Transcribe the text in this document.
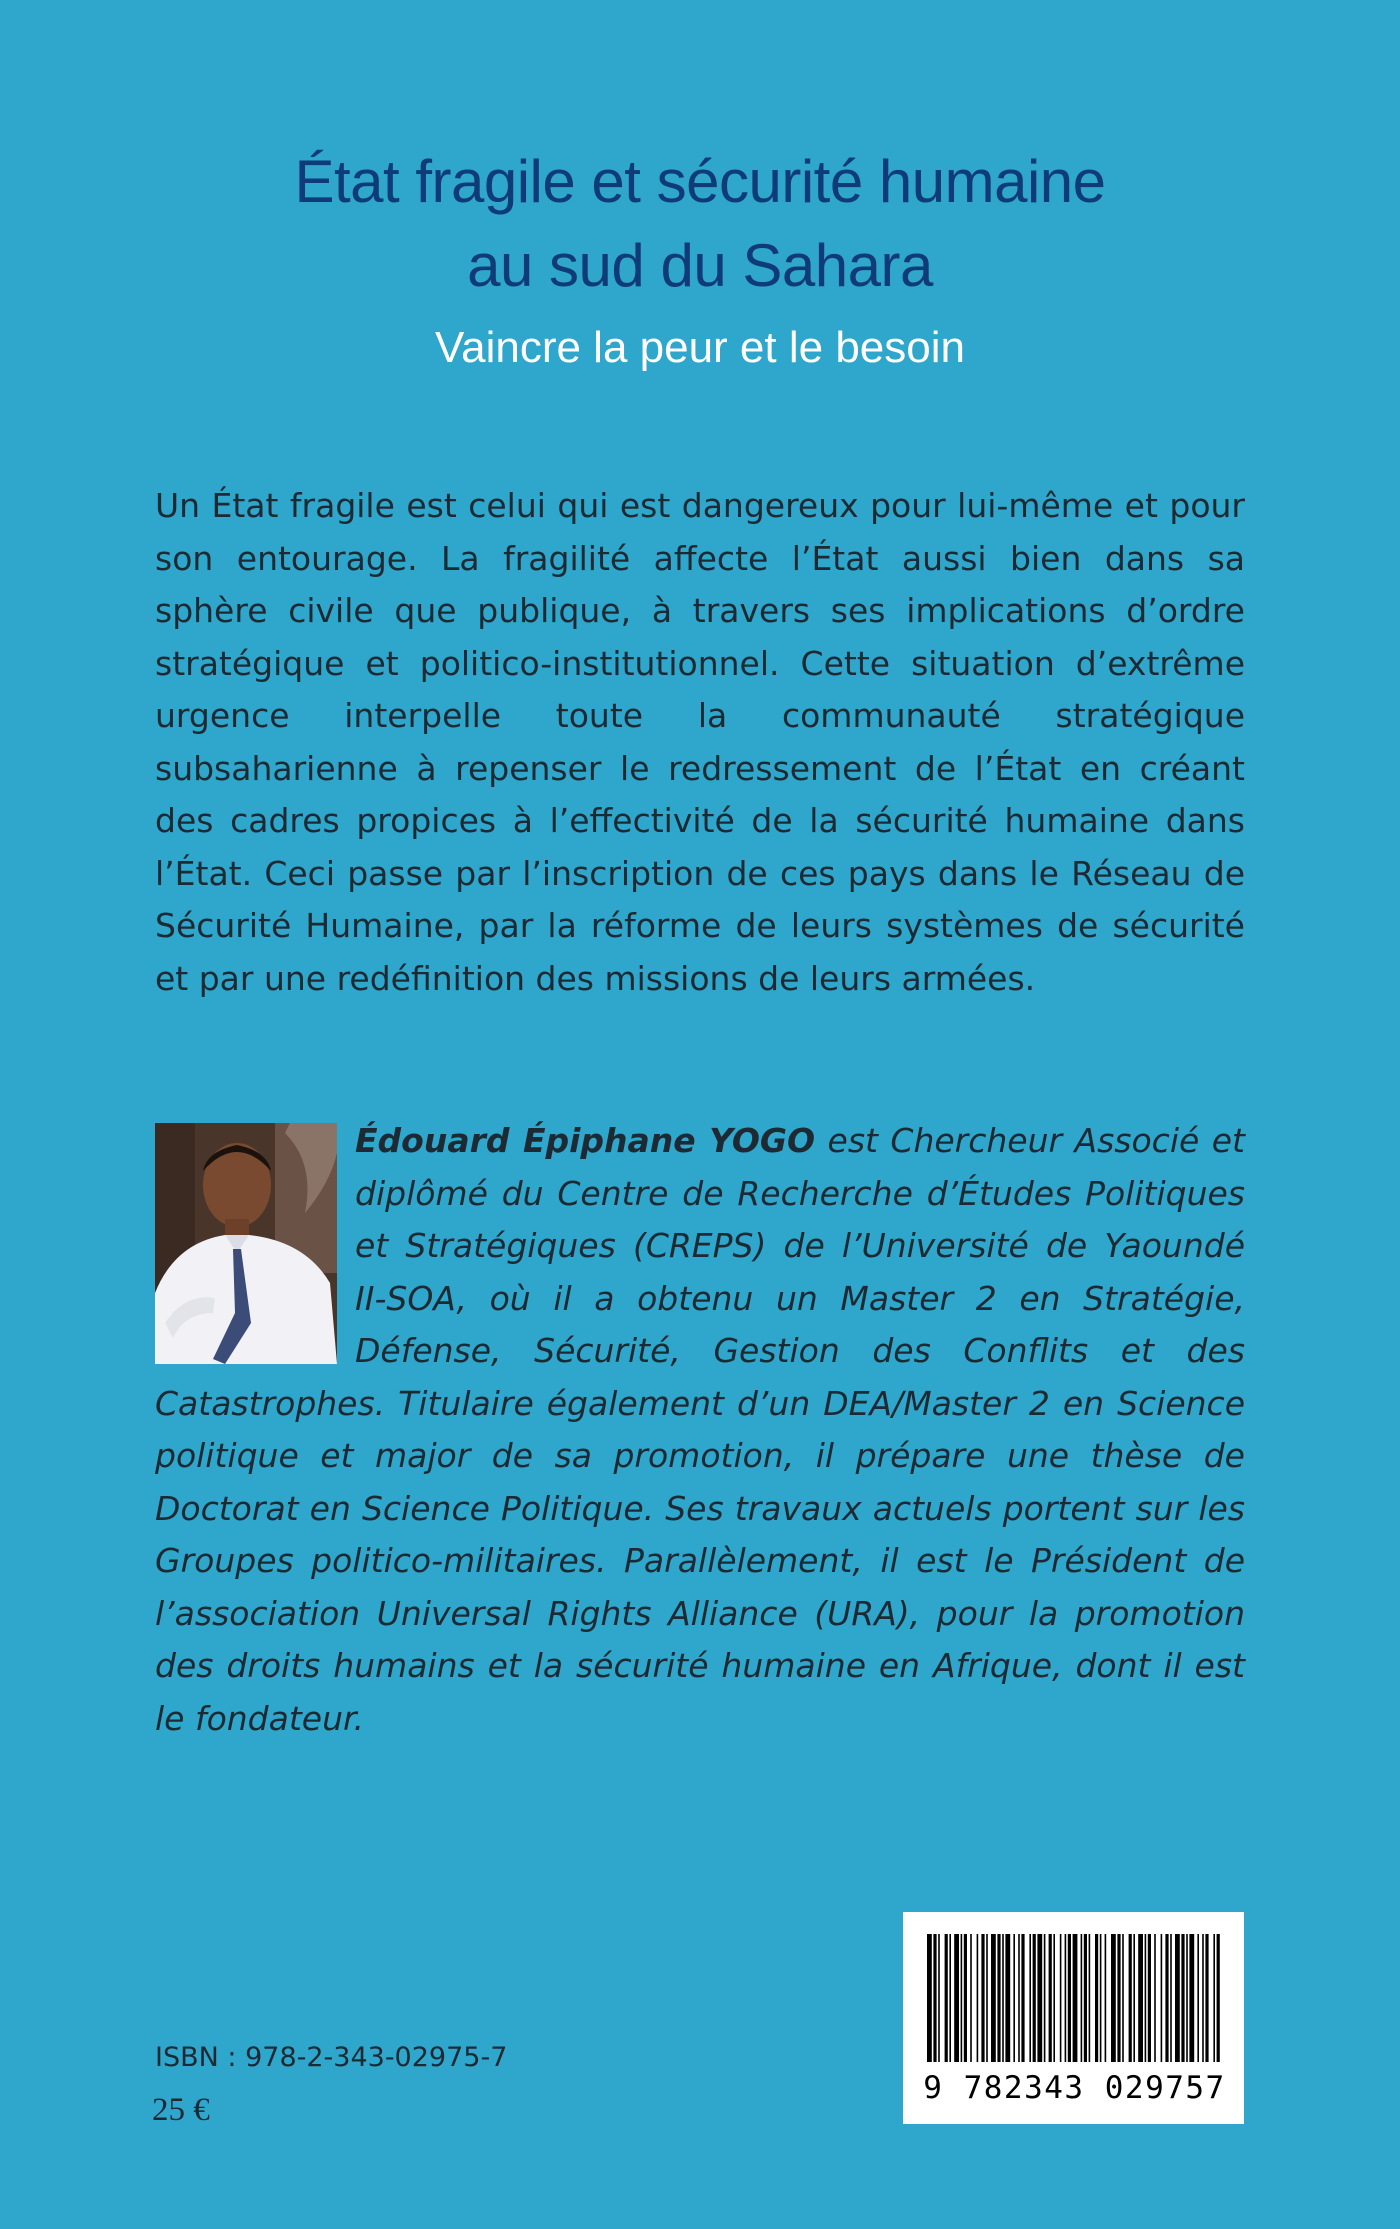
État fragile et sécurité humaine
au sud du Sahara
Vaincre la peur et le besoin

Un État fragile est celui qui est dangereux pour lui-même et pour son entourage. La fragilité affecte l’État aussi bien dans sa sphère civile que publique, à travers ses implications d’ordre stratégique et politico-institutionnel. Cette situation d’extrême urgence interpelle toute la communauté stratégique subsaharienne à repenser le redressement de l’État en créant des cadres propices à l’effectivité de la sécurité humaine dans l’État. Ceci passe par l’inscription de ces pays dans le Réseau de Sécurité Humaine, par la réforme de leurs systèmes de sécurité et par une redéfinition des missions de leurs armées.

Édouard Épiphane YOGO est Chercheur Associé et diplômé du Centre de Recherche d’Études Politiques et Stratégiques (CREPS) de l’Université de Yaoundé II-SOA, où il a obtenu un Master 2 en Stratégie, Défense, Sécurité, Gestion des Conflits et des Catastrophes. Titulaire également d’un DEA/Master 2 en Science politique et major de sa promotion, il prépare une thèse de Doctorat en Science Politique. Ses travaux actuels portent sur les Groupes politico-militaires. Parallèlement, il est le Président de l’association Universal Rights Alliance (URA), pour la promotion des droits humains et la sécurité humaine en Afrique, dont il est le fondateur.

ISBN : 978-2-343-02975-7
25 €
9 782343 029757
